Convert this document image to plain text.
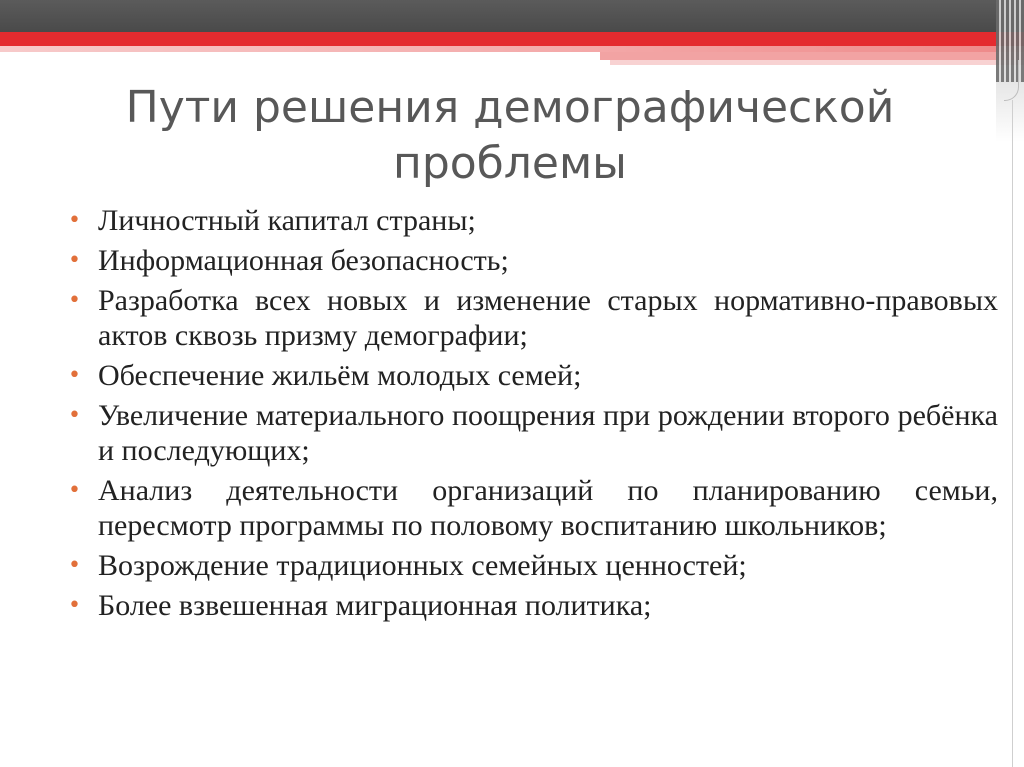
Пути решения демографической проблемы
• Личностный капитал страны;
• Информационная безопасность;
• Разработка всех новых и изменение старых нормативно-правовых актов сквозь призму демографии;
• Обеспечение жильём молодых семей;
• Увеличение материального поощрения при рождении второго ребёнка и последующих;
• Анализ деятельности организаций по планированию семьи, пересмотр программы по половому воспитанию школьников;
• Возрождение традиционных семейных ценностей;
• Более взвешенная миграционная политика;
